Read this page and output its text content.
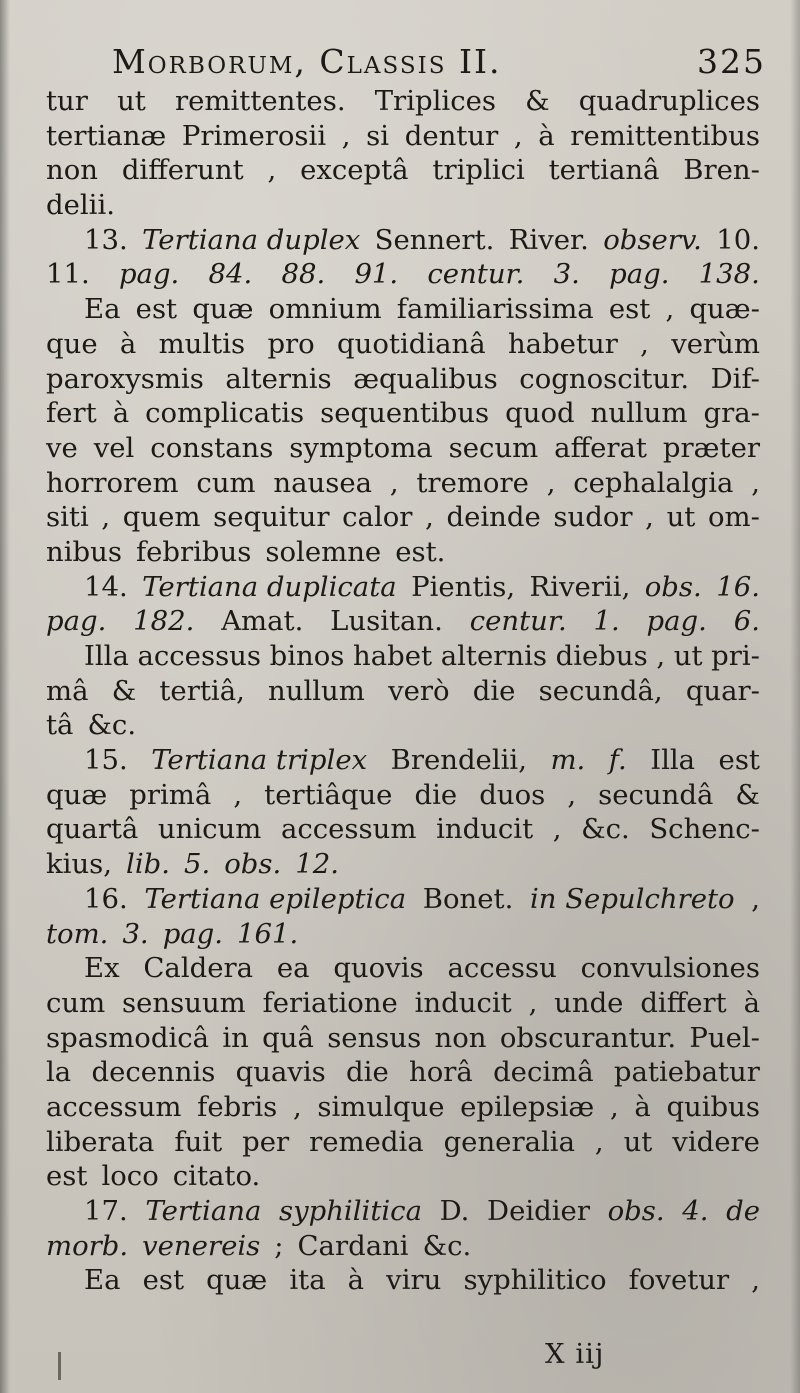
Morborum, Classis II.	325
tur ut remittentes. Triplices & quadruplices
tertianæ Primerosii , si dentur , à remittentibus
non differunt , exceptâ triplici tertianâ Bren-
delii.
13. Tertiana duplex Sennert. River. observ. 10.
11. pag. 84. 88. 91. centur. 3. pag. 138.
Ea est quæ omnium familiarissima est , quæ-
que à multis pro quotidianâ habetur , verùm
paroxysmis alternis æqualibus cognoscitur. Dif-
fert à complicatis sequentibus quod nullum gra-
ve vel constans symptoma secum afferat præter
horrorem cum nausea , tremore , cephalalgia ,
siti , quem sequitur calor , deinde sudor , ut om-
nibus febribus solemne est.
14. Tertiana duplicata Pientis, Riverii, obs. 16.
pag. 182. Amat. Lusitan. centur. 1. pag. 6.
Illa accessus binos habet alternis diebus , ut pri-
mâ & tertiâ, nullum verò die secundâ, quar-
tâ &c.
15. Tertiana triplex Brendelii, m. f. Illa est
quæ primâ , tertiâque die duos , secundâ &
quartâ unicum accessum inducit , &c. Schenc-
kius, lib. 5. obs. 12.
16. Tertiana epileptica Bonet. in Sepulchreto ,
tom. 3. pag. 161.
Ex Caldera ea quovis accessu convulsiones
cum sensuum feriatione inducit , unde differt à
spasmodicâ in quâ sensus non obscurantur. Puel-
la decennis quavis die horâ decimâ patiebatur
accessum febris , simulque epilepsiæ , à quibus
liberata fuit per remedia generalia , ut videre
est loco citato.
17. Tertiana syphilitica D. Deidier obs. 4. de
morb. venereis ; Cardani &c.
Ea est quæ ita à viru syphilitico fovetur ,
X iij
